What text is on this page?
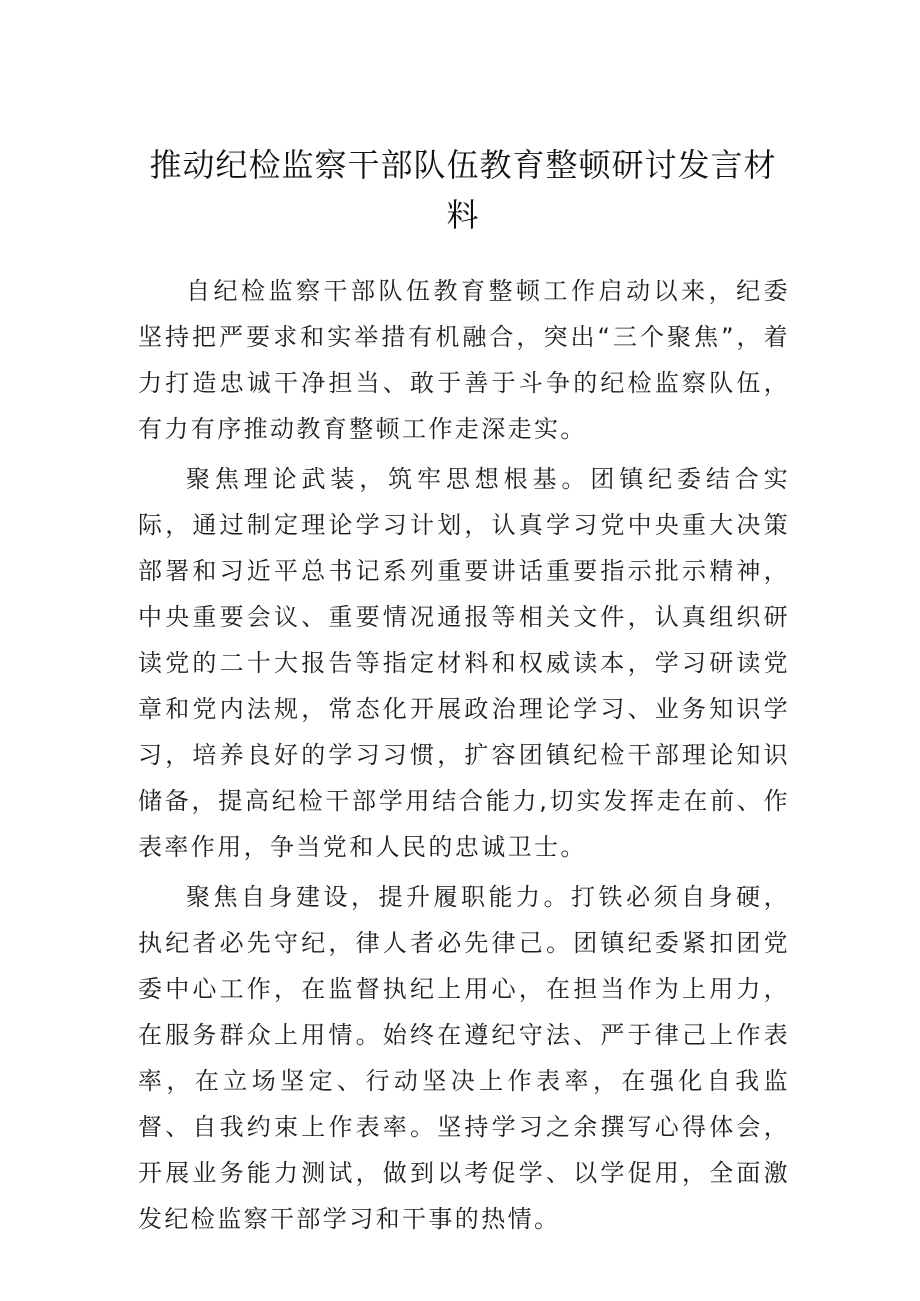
推动纪检监察干部队伍教育整顿研讨发言材料

自纪检监察干部队伍教育整顿工作启动以来，纪委坚持把严要求和实举措有机融合，突出“三个聚焦”，着力打造忠诚干净担当、敢于善于斗争的纪检监察队伍，有力有序推动教育整顿工作走深走实。

聚焦理论武装，筑牢思想根基。团镇纪委结合实际，通过制定理论学习计划，认真学习党中央重大决策部署和习近平总书记系列重要讲话重要指示批示精神，中央重要会议、重要情况通报等相关文件，认真组织研读党的二十大报告等指定材料和权威读本，学习研读党章和党内法规，常态化开展政治理论学习、业务知识学习，培养良好的学习习惯，扩容团镇纪检干部理论知识储备，提高纪检干部学用结合能力,切实发挥走在前、作表率作用，争当党和人民的忠诚卫士。

聚焦自身建设，提升履职能力。打铁必须自身硬，执纪者必先守纪，律人者必先律己。团镇纪委紧扣团党委中心工作，在监督执纪上用心，在担当作为上用力，在服务群众上用情。始终在遵纪守法、严于律己上作表率，在立场坚定、行动坚决上作表率，在强化自我监督、自我约束上作表率。坚持学习之余撰写心得体会，开展业务能力测试，做到以考促学、以学促用，全面激发纪检监察干部学习和干事的热情。
